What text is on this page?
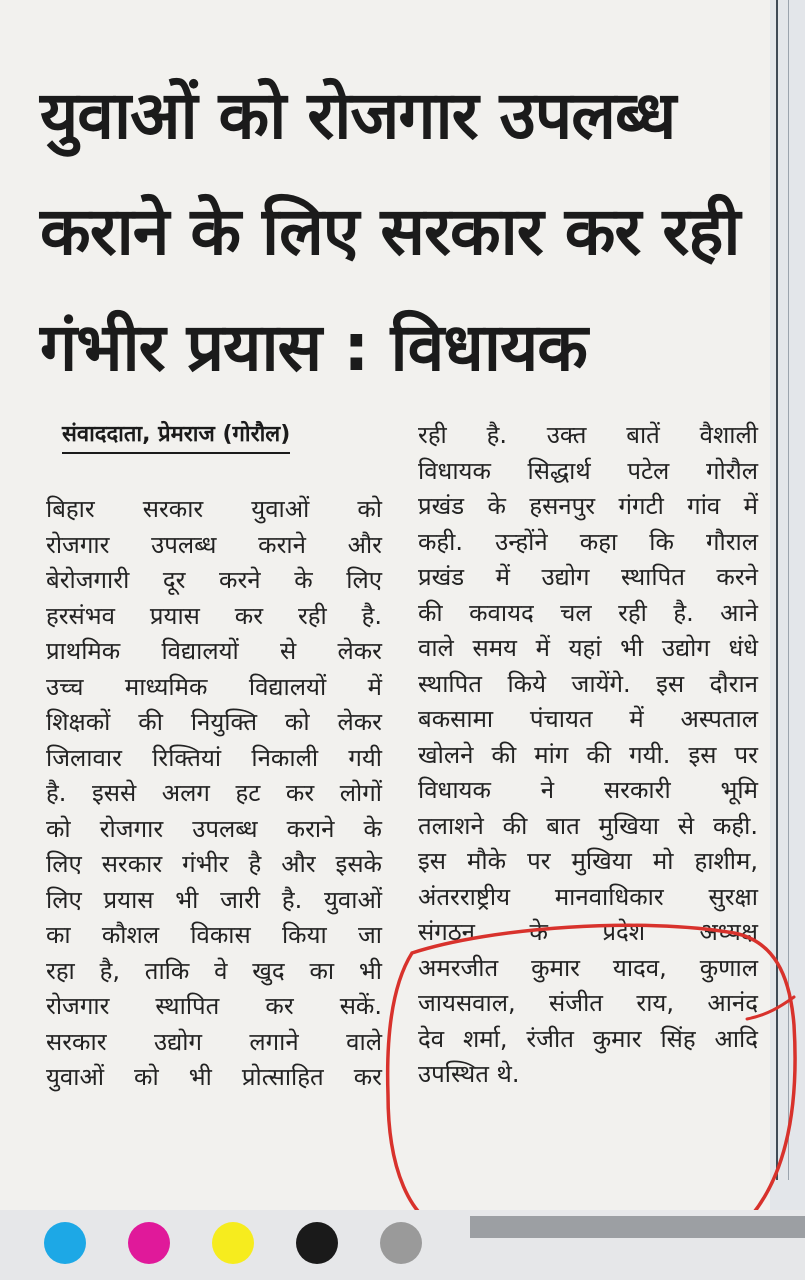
युवाओं को रोजगार उपलब्ध कराने के लिए सरकार कर रही गंभीर प्रयास : विधायक
संवाददाता, प्रेमराज (गोरौल)
बिहार सरकार युवाओं को
रोजगार उपलब्ध कराने और
बेरोजगारी दूर करने के लिए
हरसंभव प्रयास कर रही है.
प्राथमिक विद्यालयों से लेकर
उच्च माध्यमिक विद्यालयों में
शिक्षकों की नियुक्ति को लेकर
जिलावार रिक्तियां निकाली गयी
है. इससे अलग हट कर लोगों
को रोजगार उपलब्ध कराने के
लिए सरकार गंभीर है और इसके
लिए प्रयास भी जारी है. युवाओं
का कौशल विकास किया जा
रहा है, ताकि वे खुद का भी
रोजगार स्थापित कर सकें.
सरकार उद्योग लगाने वाले
युवाओं को भी प्रोत्साहित कर
रही है. उक्त बातें वैशाली
विधायक सिद्धार्थ पटेल गोरौल
प्रखंड के हसनपुर गंगटी गांव में
कही. उन्होंने कहा कि गौराल
प्रखंड में उद्योग स्थापित करने
की कवायद चल रही है. आने
वाले समय में यहां भी उद्योग धंधे
स्थापित किये जायेंगे. इस दौरान
बकसामा पंचायत में अस्पताल
खोलने की मांग की गयी. इस पर
विधायक ने सरकारी भूमि
तलाशने की बात मुखिया से कही.
इस मौके पर मुखिया मो हाशीम,
अंतरराष्ट्रीय मानवाधिकार सुरक्षा
संगठन के प्रदेश अध्यक्ष
अमरजीत कुमार यादव, कुणाल
जायसवाल, संजीत राय, आनंद
देव शर्मा, रंजीत कुमार सिंह आदि
उपस्थित थे.
